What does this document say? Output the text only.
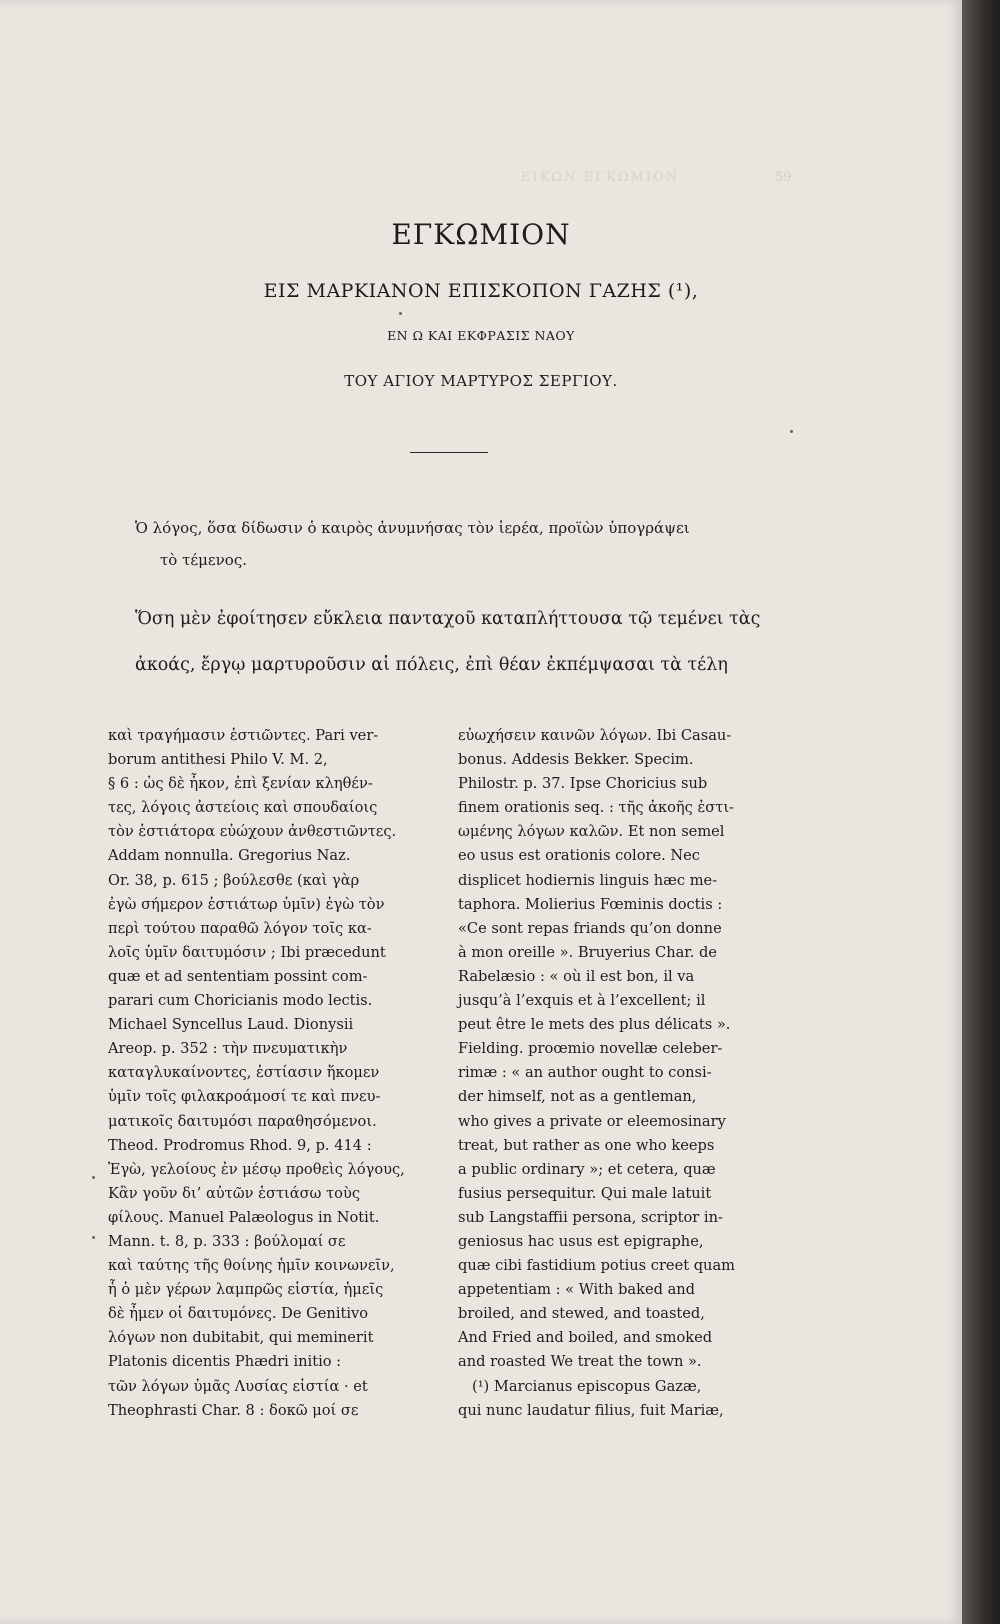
EIKΩN EΓKΩMION	59
ΕΓΚΩΜΙΟΝ
ΕΙΣ ΜΑΡΚΙΑΝΟΝ ΕΠΙΣΚΟΠΟΝ ΓΑΖΗΣ (¹),
ΕΝ Ω ΚΑΙ ΕΚΦΡΑΣΙΣ ΝΑΟΥ
ΤΟΥ ΑΓΙΟΥ ΜΑΡΤΥΡΟΣ ΣΕΡΓΙΟΥ.
Ὁ λόγος, ὅσα δίδωσιν ὁ καιρὸς ἀνυμνήσας τὸν ἱερέα, προϊὼν ὑπογράψει
τὸ τέμενος.
Ὅση μὲν ἐφοίτησεν εὔκλεια πανταχοῦ καταπλήττουσα τῷ τεμένει τὰς
ἀκοάς, ἔργῳ μαρτυροῦσιν αἱ πόλεις, ἐπὶ θέαν ἐκπέμψασαι τὰ τέλη
καὶ τραγήμασιν ἑστιῶντες. Pari ver-
borum antithesi Philo V. M. 2,
§ 6 : ὡς δὲ ἧκον, ἐπὶ ξενίαν κληθέν-
τες, λόγοις ἀστείοις καὶ σπουδαίοις
τὸν ἑστιάτορα εὐώχουν ἀνθεστιῶντες.
Addam nonnulla. Gregorius Naz.
Or. 38, p. 615 ; βούλεσθε (καὶ γὰρ
ἐγὼ σήμερον ἑστιάτωρ ὑμῖν) ἐγὼ τὸν
περὶ τούτου παραθῶ λόγον τοῖς κα-
λοῖς ὑμῖν δαιτυμόσιν ; Ibi præcedunt
quæ et ad sententiam possint com-
parari cum Choricianis modo lectis.
Michael Syncellus Laud. Dionysii
Areop. p. 352 : τὴν πνευματικὴν
καταγλυκαίνοντες, ἑστίασιν ἥκομεν
ὑμῖν τοῖς φιλακροάμοσί τε καὶ πνευ-
ματικοῖς δαιτυμόσι παραθησόμενοι.
Theod. Prodromus Rhod. 9, p. 414 :
Ἐγὼ, γελοίους ἐν μέσῳ προθεὶς λόγους,
Κἂν γοῦν δι’ αὐτῶν ἑστιάσω τοὺς
φίλους. Manuel Palæologus in Notit.
Mann. t. 8, p. 333 : βούλομαί σε
καὶ ταύτης τῆς θοίνης ἡμῖν κοινωνεῖν,
ἧ ὁ μὲν γέρων λαμπρῶς εἱστία, ἡμεῖς
δὲ ἦμεν οἱ δαιτυμόνες. De Genitivo
λόγων non dubitabit, qui meminerit
Platonis dicentis Phædri initio :
τῶν λόγων ὑμᾶς Λυσίας εἱστία · et
Theophrasti Char. 8 : δοκῶ μοί σε
εὐωχήσειν καινῶν λόγων. Ibi Casau-
bonus. Addesis Bekker. Specim.
Philostr. p. 37. Ipse Choricius sub
finem orationis seq. : τῆς ἀκοῆς ἑστι-
ωμένης λόγων καλῶν. Et non semel
eo usus est orationis colore. Nec
displicet hodiernis linguis hæc me-
taphora. Molierius Fœminis doctis :
«Ce sont repas friands qu’on donne
à mon oreille ». Bruyerius Char. de
Rabelæsio : « où il est bon, il va
jusqu’à l’exquis et à l’excellent; il
peut être le mets des plus délicats ».
Fielding. proœmio novellæ celeber-
rimæ : « an author ought to consi-
der himself, not as a gentleman,
who gives a private or eleemosinary
treat, but rather as one who keeps
a public ordinary »; et cetera, quæ
fusius persequitur. Qui male latuit
sub Langstaffii persona, scriptor in-
geniosus hac usus est epigraphe,
quæ cibi fastidium potius creet quam
appetentiam : « With baked and
broiled, and stewed, and toasted,
And Fried and boiled, and smoked
and roasted We treat the town ».
(¹) Marcianus episcopus Gazæ,
qui nunc laudatur filius, fuit Mariæ,
